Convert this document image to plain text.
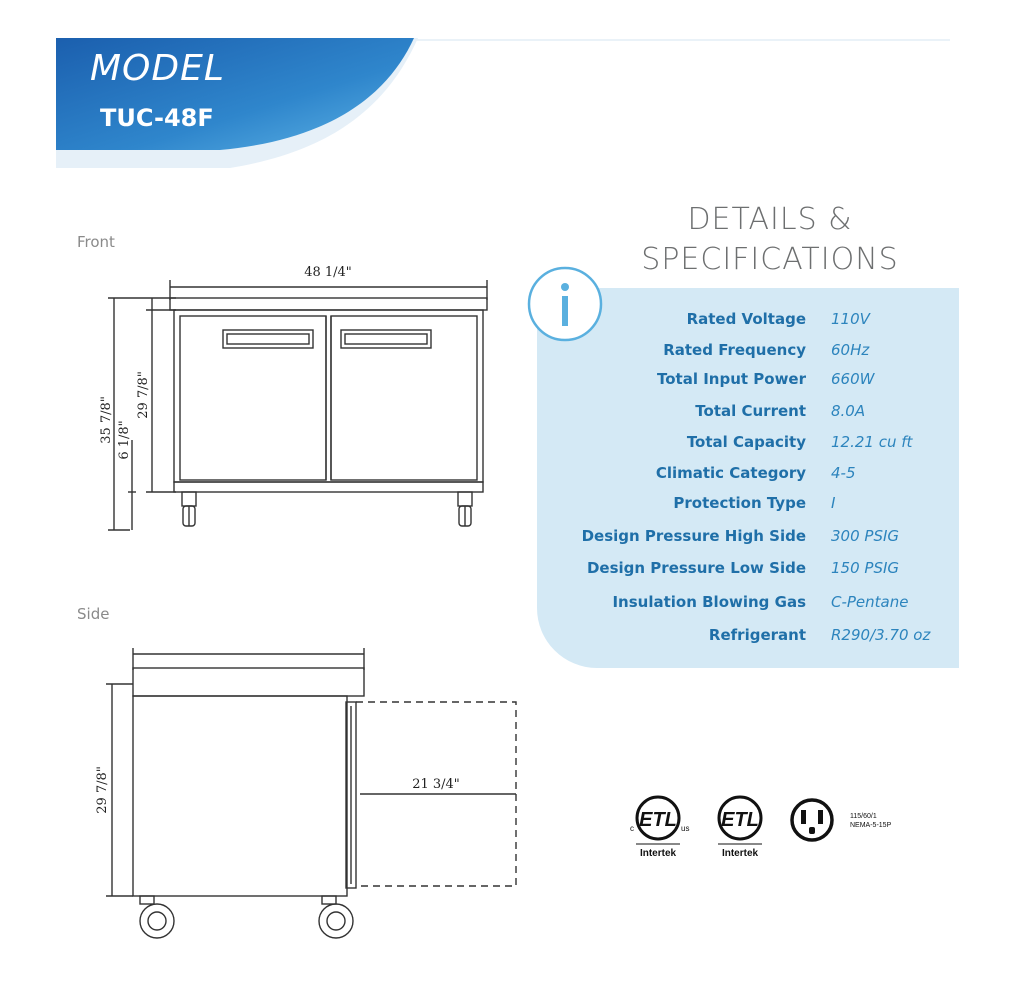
MODEL
TUC-48F
Front
Side
48 1/4"
35 7/8"
29 7/8"
6 1/8"
29 7/8"	21 3/4"
DETAILS &
SPECIFICATIONS
Rated Voltage 110V
Rated Frequency 60Hz
Total Input Power 660W
Total Current 8.0A
Total Capacity 12.21 cu ft
Climatic Category 4-5
Protection Type I
Design Pressure High Side 300 PSIG
Design Pressure Low Side 150 PSIG
Insulation Blowing Gas C-Pentane
Refrigerant R290/3.70 oz
ETL
c	us
Intertek
ETL
Intertek
115/60/1
NEMA-5-15P
